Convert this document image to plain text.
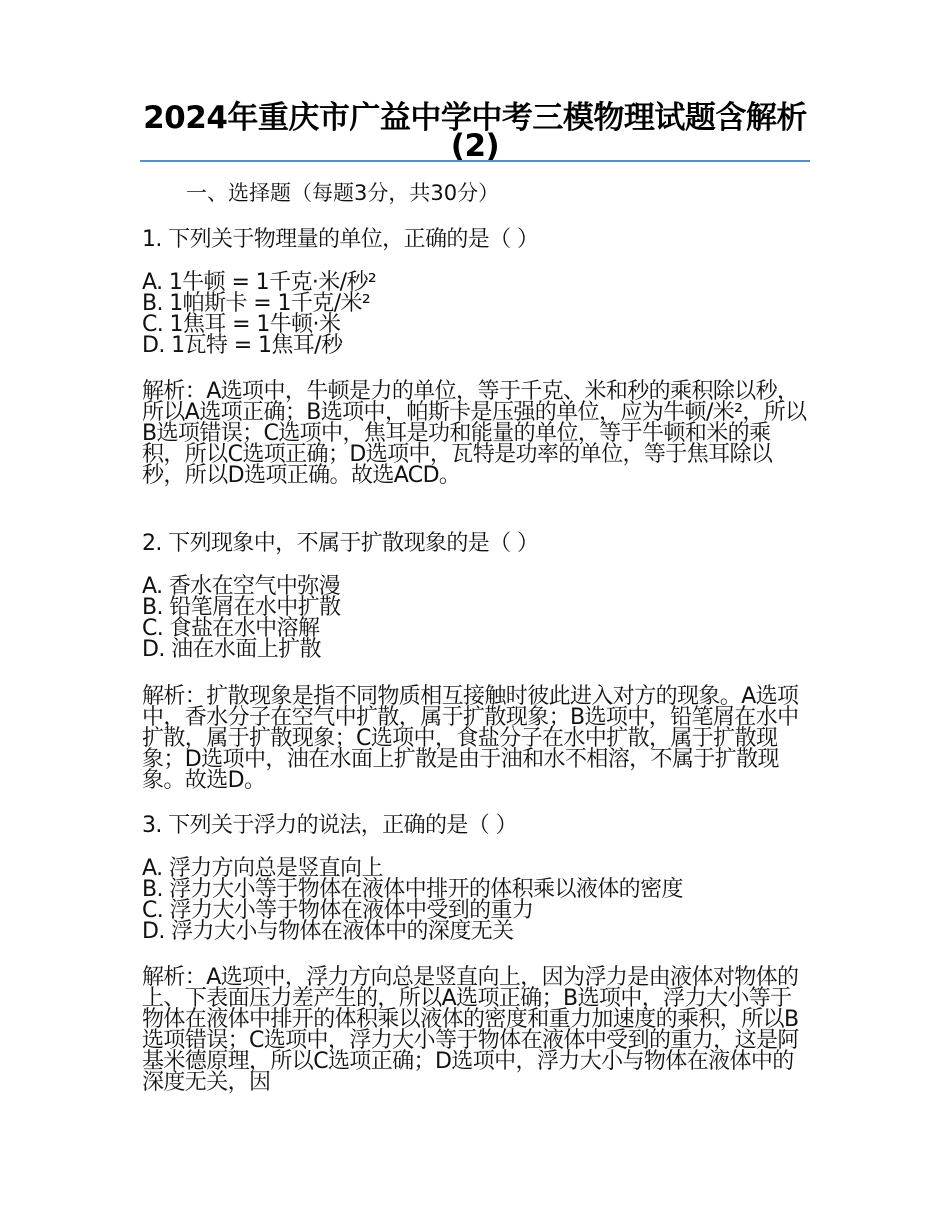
2024年重庆市广益中学中考三模物理试题含解析(2)
一、选择题（每题3分，共30分）
1. 下列关于物理量的单位，正确的是（ ）
A. 1牛顿 = 1千克·米/秒²
B. 1帕斯卡 = 1千克/米²
C. 1焦耳 = 1牛顿·米
D. 1瓦特 = 1焦耳/秒
解析：A选项中，牛顿是力的单位，等于千克、米和秒的乘积除以秒，所以A选项正确；B选项中，帕斯卡是压强的单位，应为牛顿/米²，所以B选项错误；C选项中，焦耳是功和能量的单位，等于牛顿和米的乘积，所以C选项正确；D选项中，瓦特是功率的单位，等于焦耳除以秒，所以D选项正确。故选ACD。
2. 下列现象中，不属于扩散现象的是（ ）
A. 香水在空气中弥漫
B. 铅笔屑在水中扩散
C. 食盐在水中溶解
D. 油在水面上扩散
解析：扩散现象是指不同物质相互接触时彼此进入对方的现象。A选项中，香水分子在空气中扩散，属于扩散现象；B选项中，铅笔屑在水中扩散，属于扩散现象；C选项中，食盐分子在水中扩散，属于扩散现象；D选项中，油在水面上扩散是由于油和水不相溶，不属于扩散现象。故选D。
3. 下列关于浮力的说法，正确的是（ ）
A. 浮力方向总是竖直向上
B. 浮力大小等于物体在液体中排开的体积乘以液体的密度
C. 浮力大小等于物体在液体中受到的重力
D. 浮力大小与物体在液体中的深度无关
解析：A选项中，浮力方向总是竖直向上，因为浮力是由液体对物体的上、下表面压力差产生的，所以A选项正确；B选项中，浮力大小等于物体在液体中排开的体积乘以液体的密度和重力加速度的乘积，所以B选项错误；C选项中，浮力大小等于物体在液体中受到的重力，这是阿基米德原理，所以C选项正确；D选项中，浮力大小与物体在液体中的深度无关，因
